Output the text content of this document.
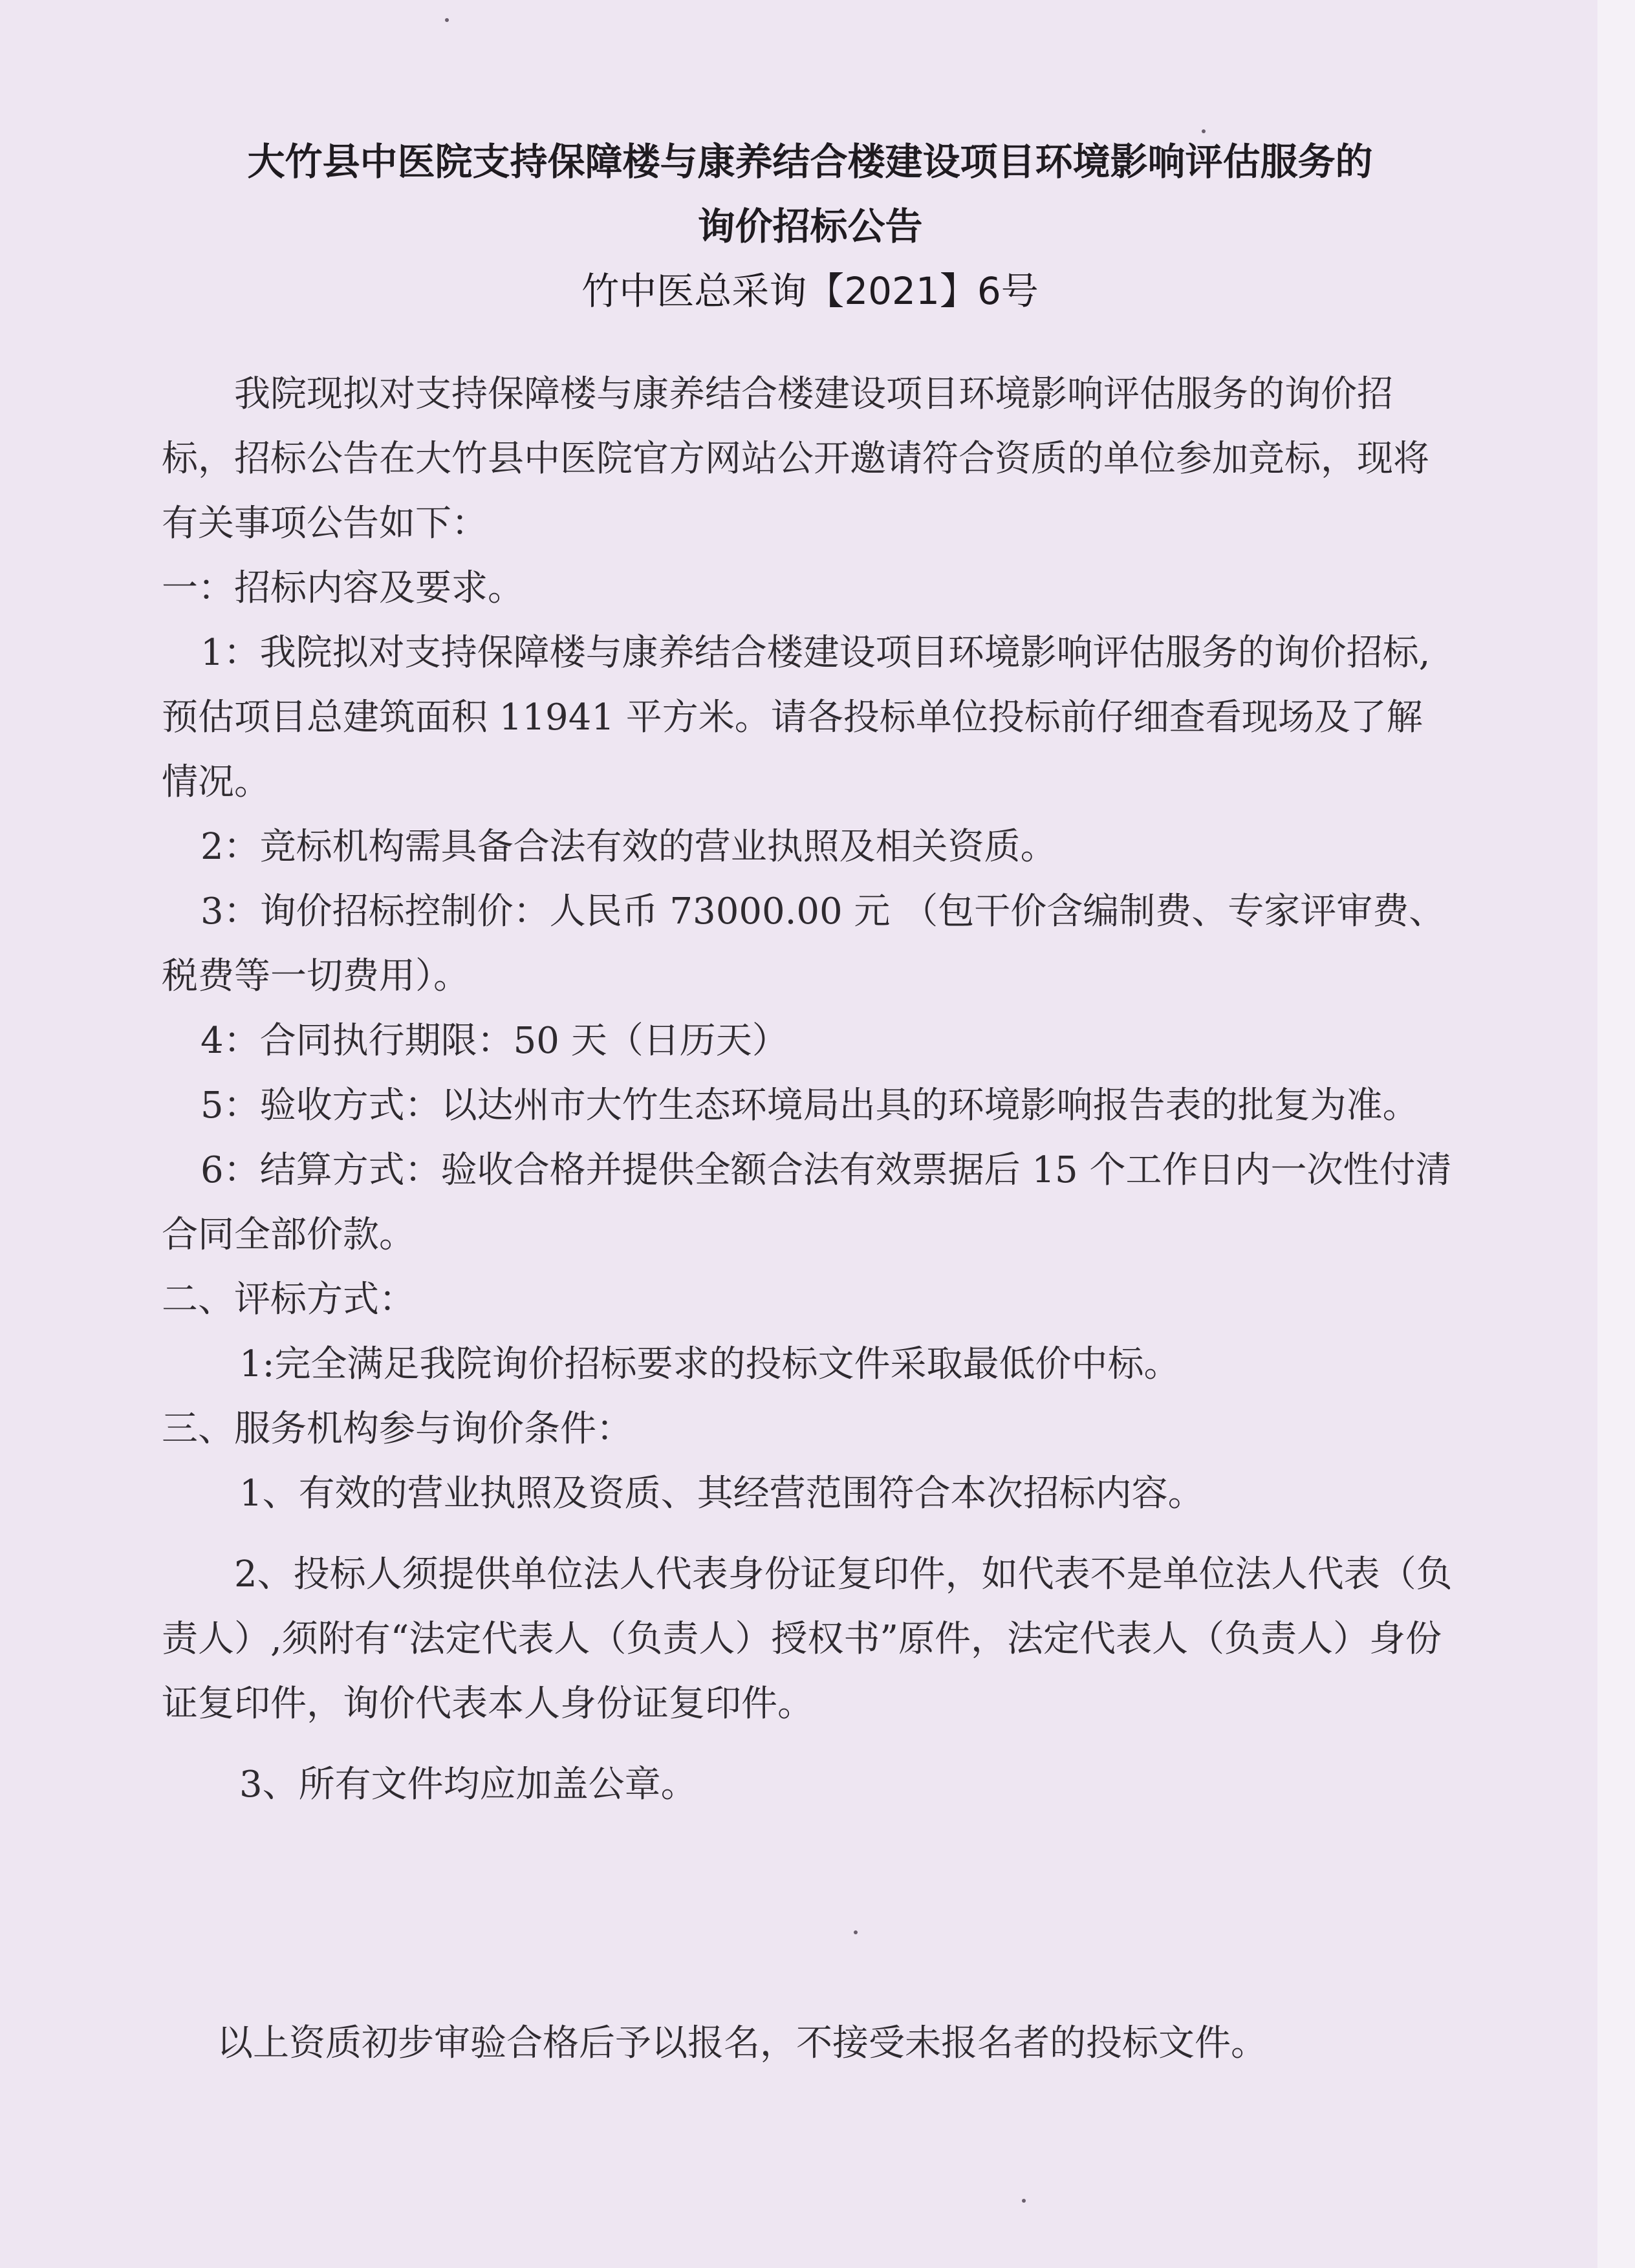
大竹县中医院支持保障楼与康养结合楼建设项目环境影响评估服务的
询价招标公告
竹中医总采询【2021】6号

我院现拟对支持保障楼与康养结合楼建设项目环境影响评估服务的询价招标，招标公告在大竹县中医院官方网站公开邀请符合资质的单位参加竞标，现将有关事项公告如下：

一：招标内容及要求。

1：我院拟对支持保障楼与康养结合楼建设项目环境影响评估服务的询价招标,预估项目总建筑面积 11941 平方米。请各投标单位投标前仔细查看现场及了解情况。

2：竞标机构需具备合法有效的营业执照及相关资质。

3：询价招标控制价：人民币 73000.00 元 （包干价含编制费、专家评审费、税费等一切费用）。

4：合同执行期限：50 天（日历天）

5：验收方式：以达州市大竹生态环境局出具的环境影响报告表的批复为准。

6：结算方式：验收合格并提供全额合法有效票据后 15 个工作日内一次性付清合同全部价款。

二、评标方式：

1:完全满足我院询价招标要求的投标文件采取最低价中标。

三、服务机构参与询价条件：

1、有效的营业执照及资质、其经营范围符合本次招标内容。

2、投标人须提供单位法人代表身份证复印件，如代表不是单位法人代表（负责人）,须附有“法定代表人（负责人）授权书”原件，法定代表人（负责人）身份证复印件，询价代表本人身份证复印件。

3、所有文件均应加盖公章。

以上资质初步审验合格后予以报名，不接受未报名者的投标文件。
